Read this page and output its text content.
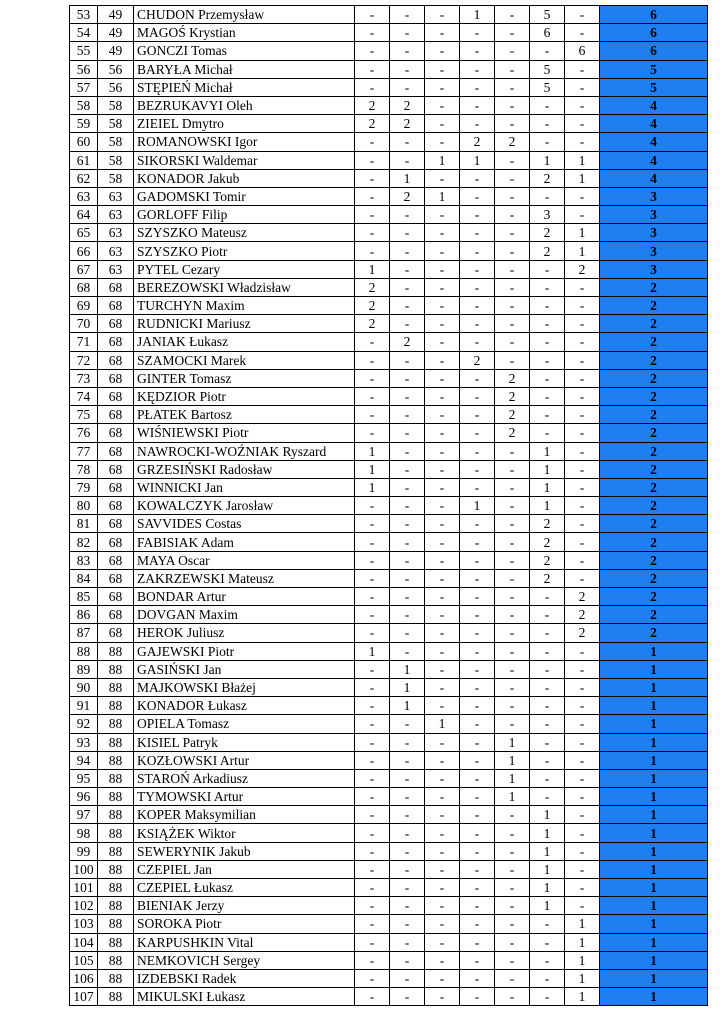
53	49	CHUDON Przemysław	-	-	-	1	-	5	-	6
54	49	MAGOŚ Krystian	-	-	-	-	-	6	-	6
55	49	GONCZI Tomas	-	-	-	-	-	-	6	6
56	56	BARYŁA Michał	-	-	-	-	-	5	-	5
57	56	STĘPIEŃ Michał	-	-	-	-	-	5	-	5
58	58	BEZRUKAVYI Oleh	2	2	-	-	-	-	-	4
59	58	ZIEIEL Dmytro	2	2	-	-	-	-	-	4
60	58	ROMANOWSKI Igor	-	-	-	2	2	-	-	4
61	58	SIKORSKI Waldemar	-	-	1	1	-	1	1	4
62	58	KONADOR Jakub	-	1	-	-	-	2	1	4
63	63	GADOMSKI Tomir	-	2	1	-	-	-	-	3
64	63	GORLOFF Filip	-	-	-	-	-	3	-	3
65	63	SZYSZKO Mateusz	-	-	-	-	-	2	1	3
66	63	SZYSZKO Piotr	-	-	-	-	-	2	1	3
67	63	PYTEL Cezary	1	-	-	-	-	-	2	3
68	68	BEREZOWSKI Władzisław	2	-	-	-	-	-	-	2
69	68	TURCHYN Maxim	2	-	-	-	-	-	-	2
70	68	RUDNICKI Mariusz	2	-	-	-	-	-	-	2
71	68	JANIAK Łukasz	-	2	-	-	-	-	-	2
72	68	SZAMOCKI Marek	-	-	-	2	-	-	-	2
73	68	GINTER Tomasz	-	-	-	-	2	-	-	2
74	68	KĘDZIOR Piotr	-	-	-	-	2	-	-	2
75	68	PŁATEK Bartosz	-	-	-	-	2	-	-	2
76	68	WIŚNIEWSKI Piotr	-	-	-	-	2	-	-	2
77	68	NAWROCKI-WOŹNIAK Ryszard	1	-	-	-	-	1	-	2
78	68	GRZESIŃSKI Radosław	1	-	-	-	-	1	-	2
79	68	WINNICKI Jan	1	-	-	-	-	1	-	2
80	68	KOWALCZYK Jarosław	-	-	-	1	-	1	-	2
81	68	SAVVIDES Costas	-	-	-	-	-	2	-	2
82	68	FABISIAK Adam	-	-	-	-	-	2	-	2
83	68	MAYA Oscar	-	-	-	-	-	2	-	2
84	68	ZAKRZEWSKI Mateusz	-	-	-	-	-	2	-	2
85	68	BONDAR Artur	-	-	-	-	-	-	2	2
86	68	DOVGAN Maxim	-	-	-	-	-	-	2	2
87	68	HEROK Juliusz	-	-	-	-	-	-	2	2
88	88	GAJEWSKI Piotr	1	-	-	-	-	-	-	1
89	88	GASIŃSKI Jan	-	1	-	-	-	-	-	1
90	88	MAJKOWSKI Błażej	-	1	-	-	-	-	-	1
91	88	KONADOR Łukasz	-	1	-	-	-	-	-	1
92	88	OPIELA Tomasz	-	-	1	-	-	-	-	1
93	88	KISIEL Patryk	-	-	-	-	1	-	-	1
94	88	KOZŁOWSKI Artur	-	-	-	-	1	-	-	1
95	88	STAROŃ Arkadiusz	-	-	-	-	1	-	-	1
96	88	TYMOWSKI Artur	-	-	-	-	1	-	-	1
97	88	KOPER Maksymilian	-	-	-	-	-	1	-	1
98	88	KSIĄŻEK Wiktor	-	-	-	-	-	1	-	1
99	88	SEWERYNIK Jakub	-	-	-	-	-	1	-	1
100	88	CZEPIEL Jan	-	-	-	-	-	1	-	1
101	88	CZEPIEL Łukasz	-	-	-	-	-	1	-	1
102	88	BIENIAK Jerzy	-	-	-	-	-	1	-	1
103	88	SOROKA Piotr	-	-	-	-	-	-	1	1
104	88	KARPUSHKIN Vital	-	-	-	-	-	-	1	1
105	88	NEMKOVICH Sergey	-	-	-	-	-	-	1	1
106	88	IZDEBSKI Radek	-	-	-	-	-	-	1	1
107	88	MIKULSKI Łukasz	-	-	-	-	-	-	1	1
